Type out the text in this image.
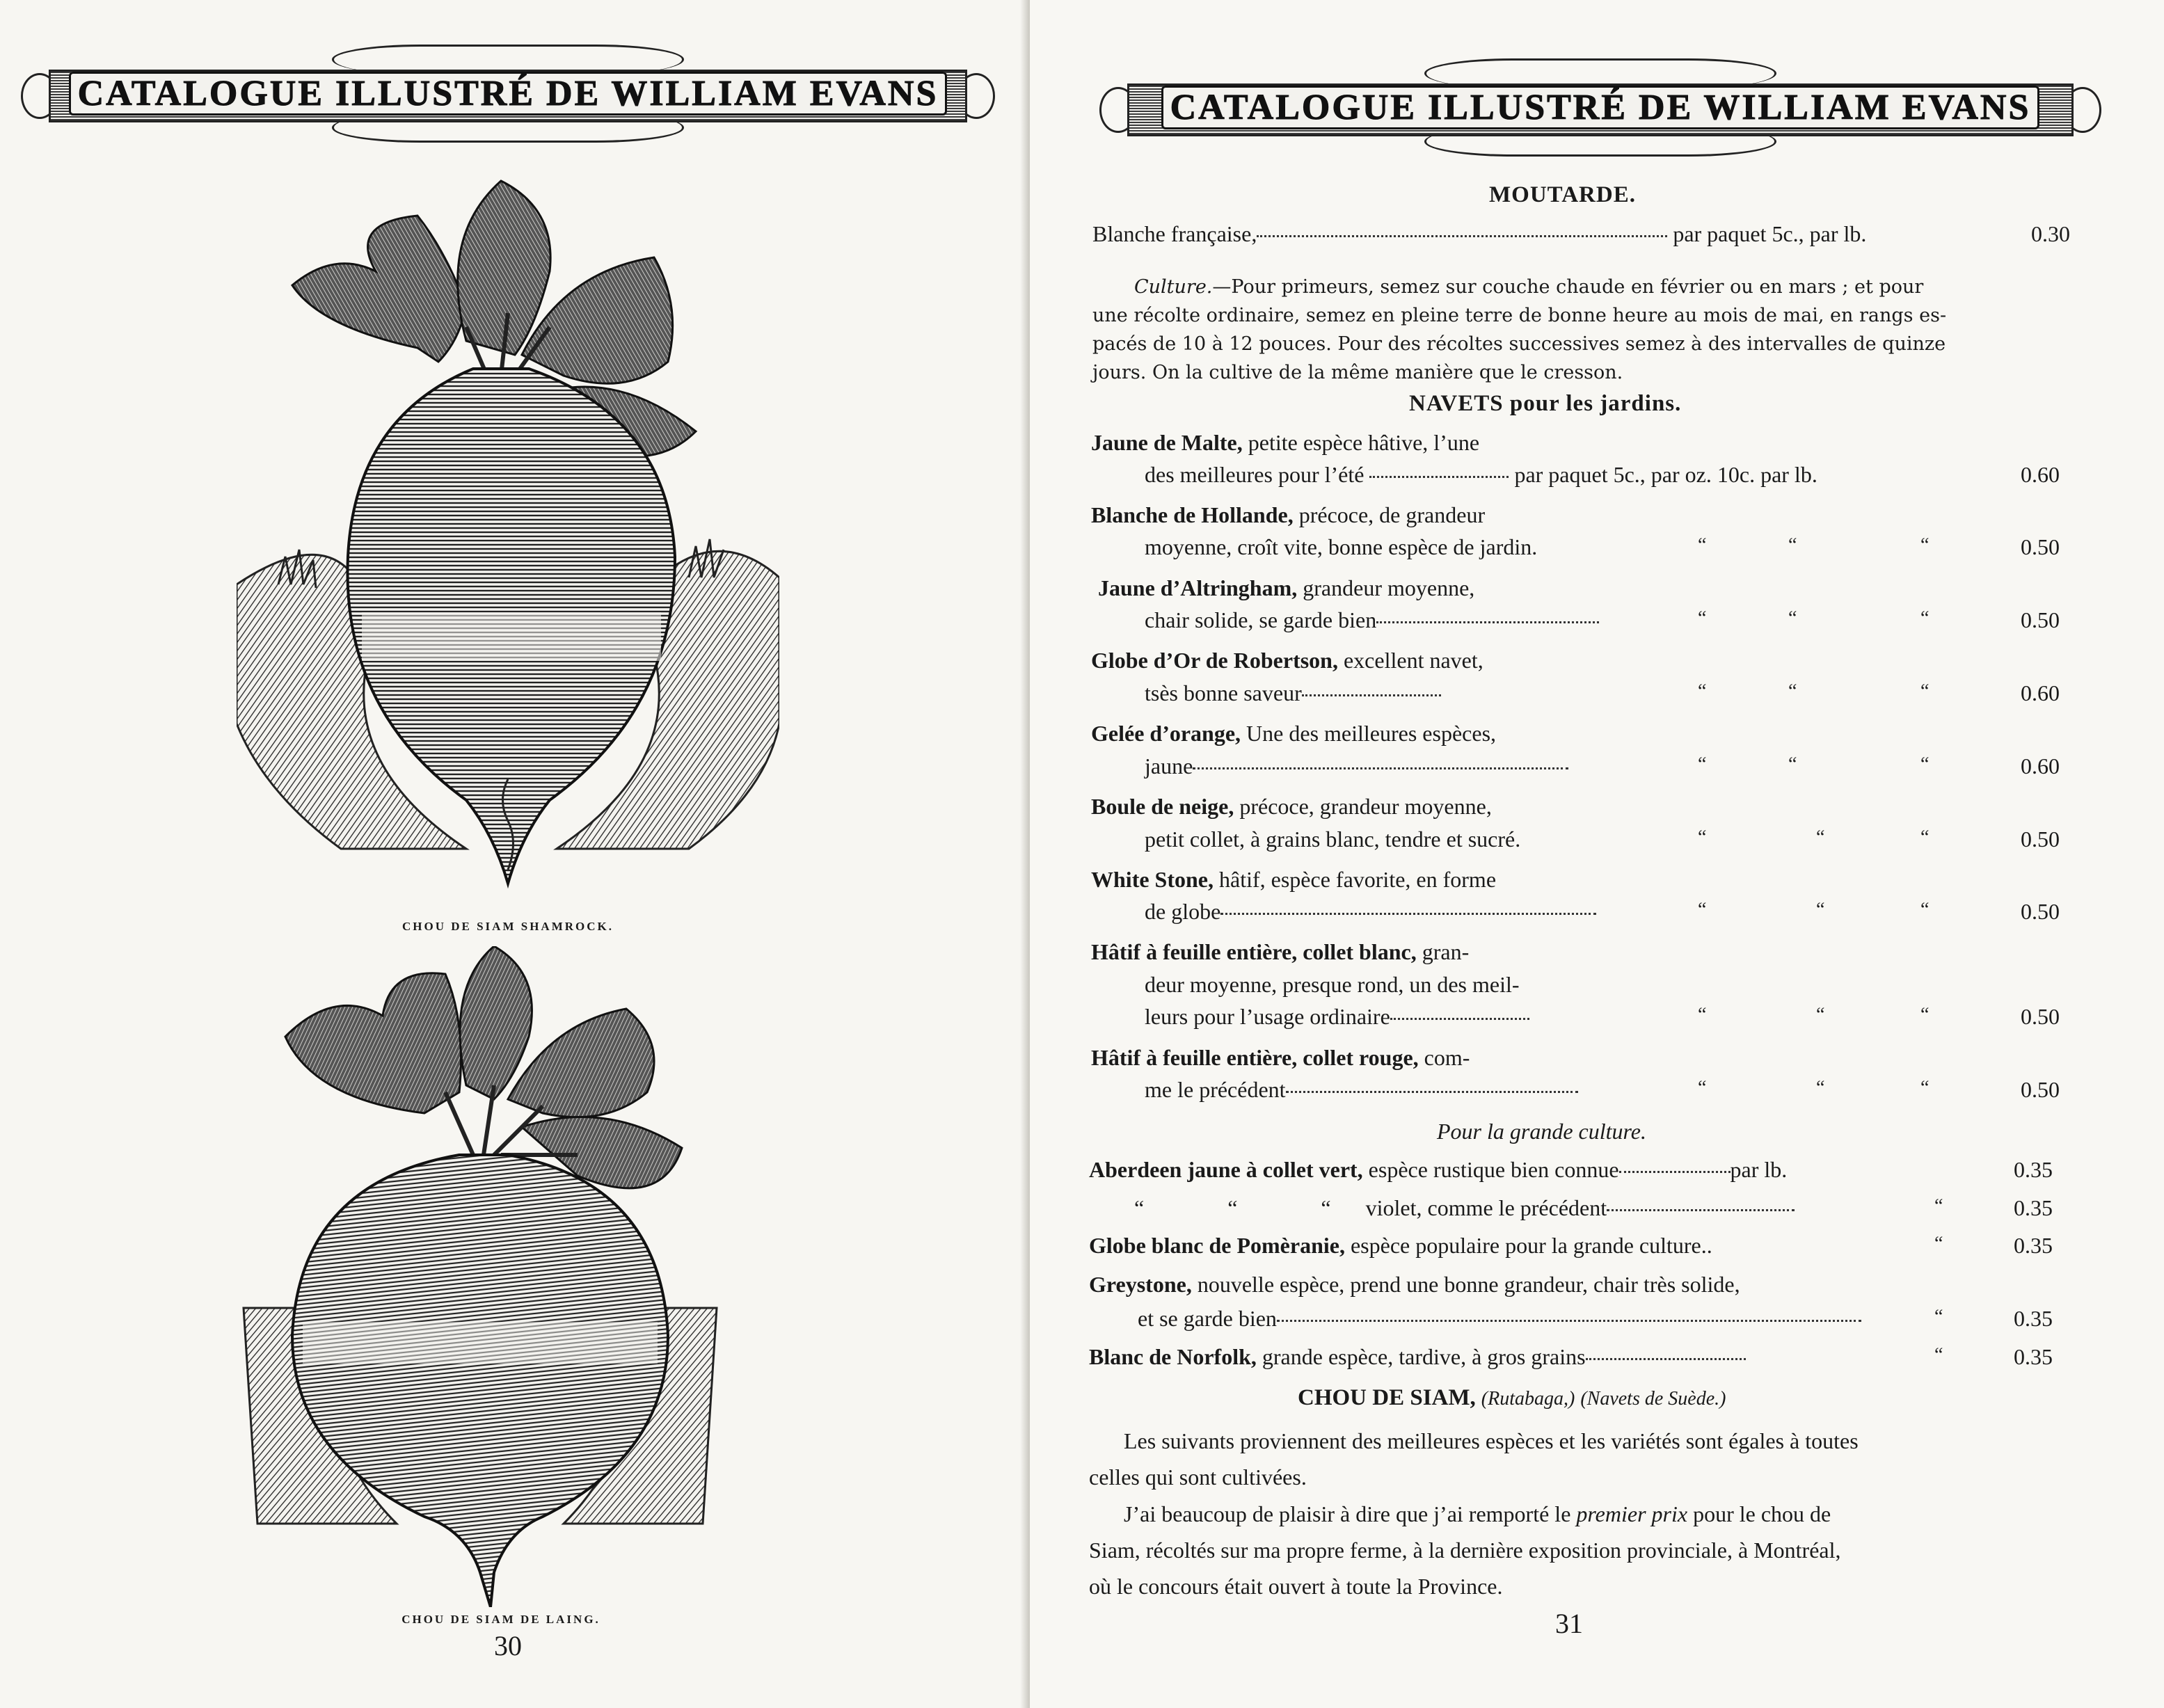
CATALOGUE ILLUSTRÉ DE WILLIAM EVANS
CHOU DE SIAM SHAMROCK.
CHOU DE SIAM DE LAING.
30
CATALOGUE ILLUSTRÉ DE WILLIAM EVANS
MOUTARDE.
Blanche française,	par paquet 5c., par lb.	0.30
Culture.—Pour primeurs, semez sur couche chaude en février ou en mars ; et pour
une récolte ordinaire, semez en pleine terre de bonne heure au mois de mai, en rangs es-
pacés de 10 à 12 pouces. Pour des récoltes successives semez à des intervalles de quinze
jours. On la cultive de la même manière que le cresson.
NAVETS pour les jardins.
Jaune de Malte, petite espèce hâtive, l’une
des meilleures pour l’été	par paquet 5c., par oz. 10c. par lb.	0.60
Blanche de Hollande, précoce, de grandeur
moyenne, croît vite, bonne espèce de jardin.	“	“	“	0.50
Jaune d’Altringham, grandeur moyenne,
chair solide, se garde bien	“	“	“	0.50
Globe d’Or de Robertson, excellent navet,
tsès bonne saveur	“	“	“	0.60
Gelée d’orange, Une des meilleures espèces,
jaune	“	“	“	0.60
Boule de neige, précoce, grandeur moyenne,
petit collet, à grains blanc, tendre et sucré.	“	“	“	0.50
White Stone, hâtif, espèce favorite, en forme
de globe	“	“	“	0.50
Hâtif à feuille entière, collet blanc, gran-
deur moyenne, presque rond, un des meil-
leurs pour l’usage ordinaire	“	“	“	0.50
Hâtif à feuille entière, collet rouge, com-
me le précédent	“	“	“	0.50
Pour la grande culture.
Aberdeen jaune à collet vert, espèce rustique bien connue	par lb.	0.35
“	“	“ violet, comme le précédent	“	0.35
Globe blanc de Pomèranie, espèce populaire pour la grande culture..	“	0.35
Greystone, nouvelle espèce, prend une bonne grandeur, chair très solide,
et se garde bien	“	0.35
Blanc de Norfolk, grande espèce, tardive, à gros grains	“	0.35
CHOU DE SIAM, (Rutabaga,) (Navets de Suède.)
Les suivants proviennent des meilleures espèces et les variétés sont égales à toutes
celles qui sont cultivées.
J’ai beaucoup de plaisir à dire que j’ai remporté le premier prix pour le chou de
Siam, récoltés sur ma propre ferme, à la dernière exposition provinciale, à Montréal,
où le concours était ouvert à toute la Province.
31
